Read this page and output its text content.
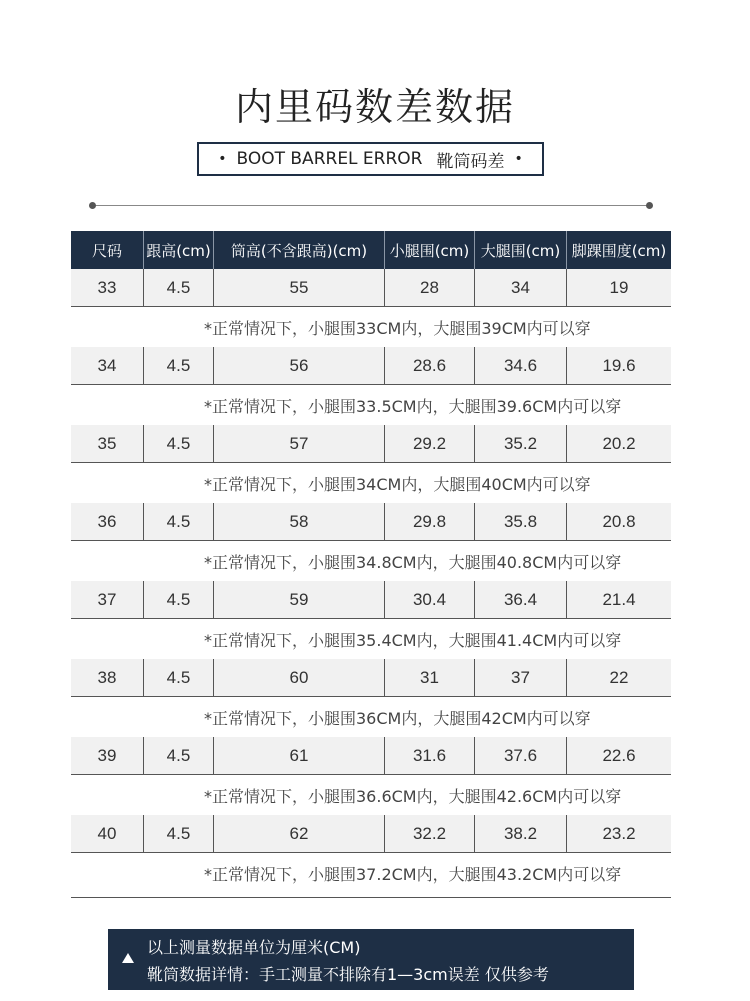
内里码数差数据
• BOOT BARREL ERROR 靴筒码差 •
尺码	跟高(cm)	筒高(不含跟高)(cm)	小腿围(cm) 大腿围(cm) 脚踝围度(cm)
33	4.5	55	28	34	19
*正常情况下，小腿围33CM内，大腿围39CM内可以穿
34	4.5	56	28.6	34.6	19.6
*正常情况下，小腿围33.5CM内，大腿围39.6CM内可以穿
35	4.5	57	29.2	35.2	20.2
*正常情况下，小腿围34CM内，大腿围40CM内可以穿
36	4.5	58	29.8	35.8	20.8
*正常情况下，小腿围34.8CM内，大腿围40.8CM内可以穿
37	4.5	59	30.4	36.4	21.4
*正常情况下，小腿围35.4CM内，大腿围41.4CM内可以穿
38	4.5	60	31	37	22
*正常情况下，小腿围36CM内，大腿围42CM内可以穿
39	4.5	61	31.6	37.6	22.6
*正常情况下，小腿围36.6CM内，大腿围42.6CM内可以穿
40	4.5	62	32.2	38.2	23.2
*正常情况下，小腿围37.2CM内，大腿围43.2CM内可以穿
以上测量数据单位为厘米(CM)
靴筒数据详情：手工测量不排除有1—3cm误差 仅供参考
